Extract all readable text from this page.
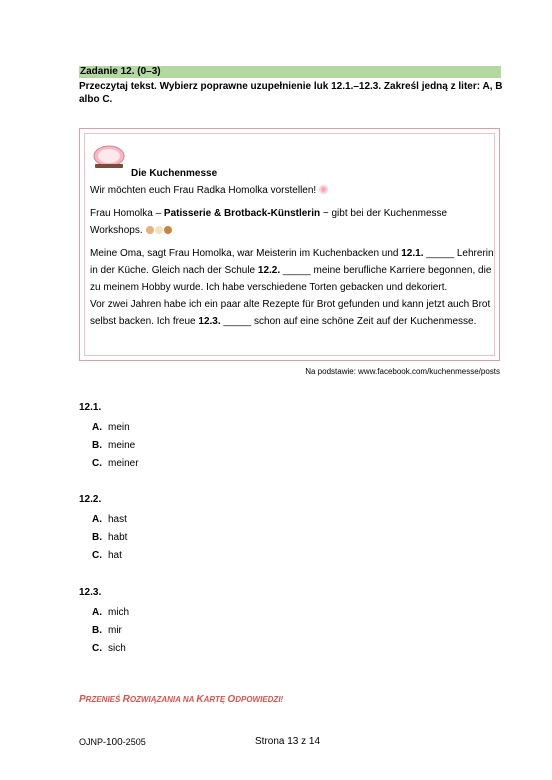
Zadanie 12. (0–3)
Przeczytaj tekst. Wybierz poprawne uzupełnienie luk 12.1.–12.3. Zakreśl jedną z liter: A, B albo C.
Die Kuchenmesse

Wir möchten euch Frau Radka Homolka vorstellen!

Frau Homolka – Patisserie & Brotback-Künstlerin − gibt bei der Kuchenmesse Workshops.

Meine Oma, sagt Frau Homolka, war Meisterin im Kuchenbacken und 12.1. _____ Lehrerin in der Küche. Gleich nach der Schule 12.2. _____ meine berufliche Karriere begonnen, die zu meinem Hobby wurde. Ich habe verschiedene Torten gebacken und dekoriert.

Vor zwei Jahren habe ich ein paar alte Rezepte für Brot gefunden und kann jetzt auch Brot selbst backen. Ich freue 12.3. _____ schon auf eine schöne Zeit auf der Kuchenmesse.

Na podstawie: www.facebook.com/kuchenmesse/posts
12.1.
A. mein
B. meine
C. meiner
12.2.
A. hast
B. habt
C. hat
12.3.
A. mich
B. mir
C. sich
PRZENIEŚ ROZWIĄZANIA NA KARTĘ ODPOWIEDZI!
OJNP-100-2505	Strona 13 z 14
